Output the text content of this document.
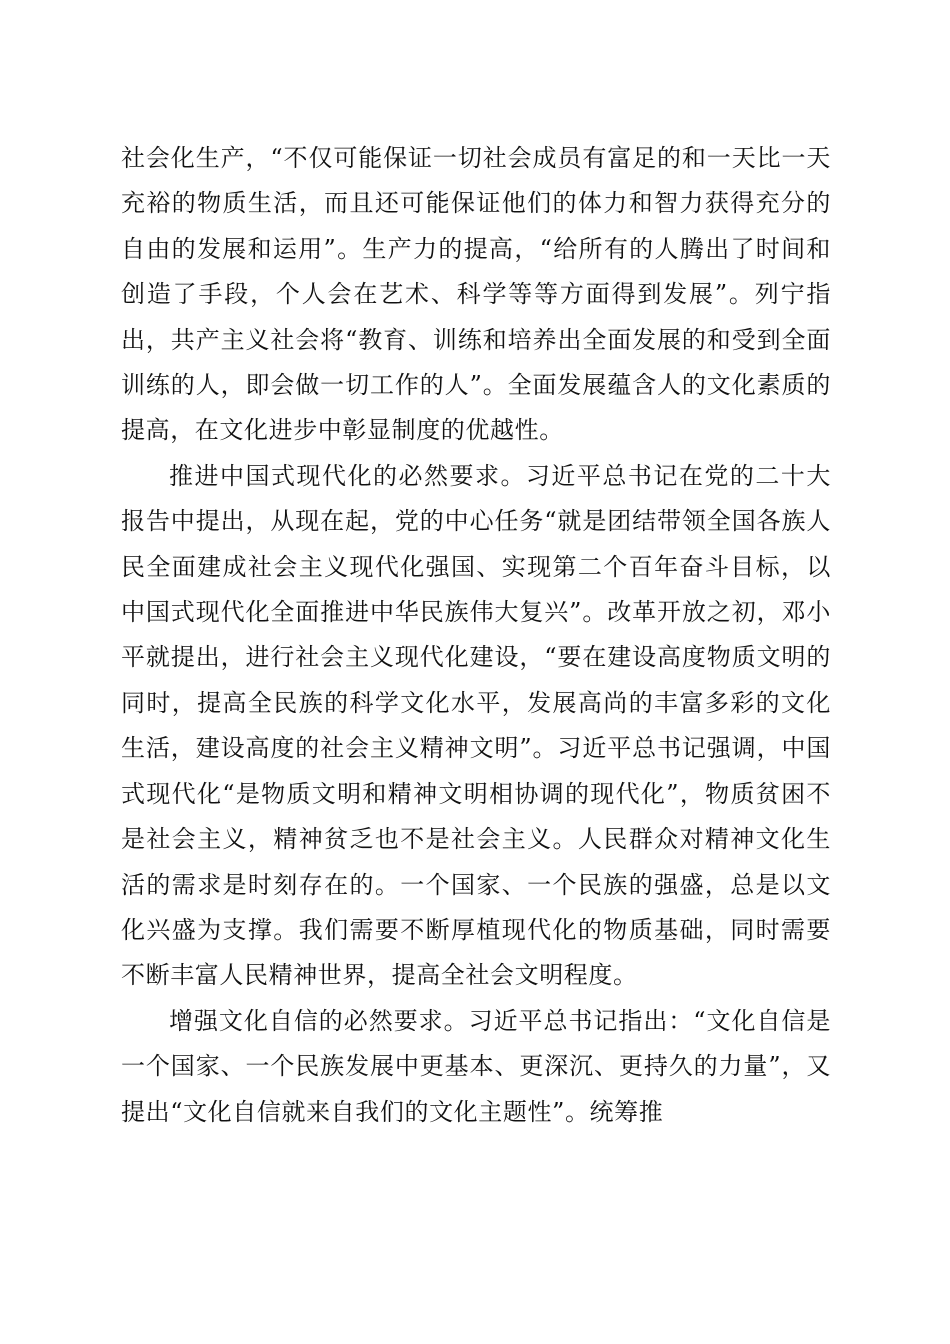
社会化生产，“不仅可能保证一切社会成员有富足的和一天比一天充裕的物质生活，而且还可能保证他们的体力和智力获得充分的自由的发展和运用”。生产力的提高，“给所有的人腾出了时间和创造了手段，个人会在艺术、科学等等方面得到发展”。列宁指出，共产主义社会将“教育、训练和培养出全面发展的和受到全面训练的人，即会做一切工作的人”。全面发展蕴含人的文化素质的提高，在文化进步中彰显制度的优越性。

推进中国式现代化的必然要求。习近平总书记在党的二十大报告中提出，从现在起，党的中心任务“就是团结带领全国各族人民全面建成社会主义现代化强国、实现第二个百年奋斗目标，以中国式现代化全面推进中华民族伟大复兴”。改革开放之初，邓小平就提出，进行社会主义现代化建设，“要在建设高度物质文明的同时，提高全民族的科学文化水平，发展高尚的丰富多彩的文化生活，建设高度的社会主义精神文明”。习近平总书记强调，中国式现代化“是物质文明和精神文明相协调的现代化”，物质贫困不是社会主义，精神贫乏也不是社会主义。人民群众对精神文化生活的需求是时刻存在的。一个国家、一个民族的强盛，总是以文化兴盛为支撑。我们需要不断厚植现代化的物质基础，同时需要不断丰富人民精神世界，提高全社会文明程度。

增强文化自信的必然要求。习近平总书记指出：“文化自信是一个国家、一个民族发展中更基本、更深沉、更持久的力量”，又提出“文化自信就来自我们的文化主题性”。统筹推
